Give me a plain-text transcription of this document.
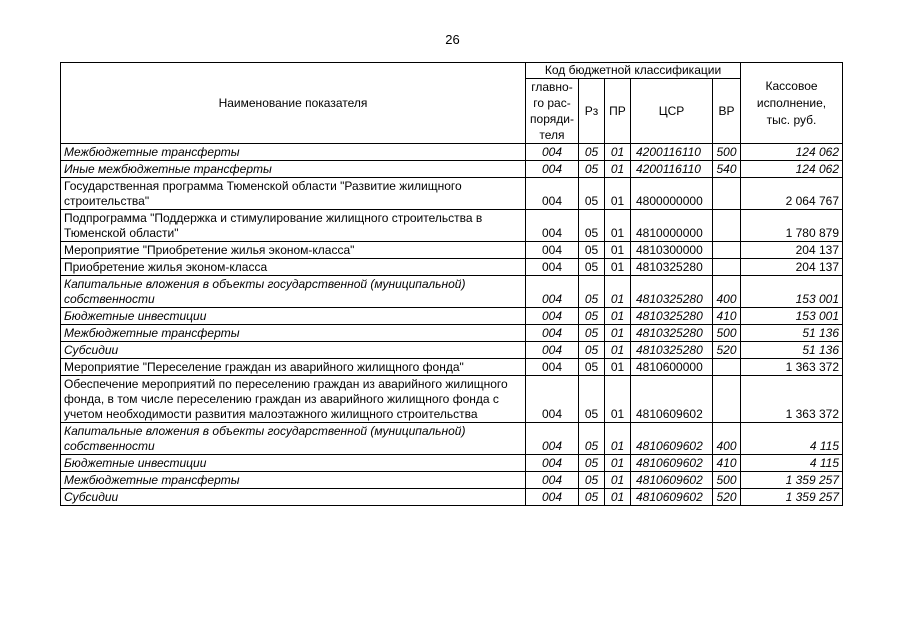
26
Наименование показателя	Код бюджетной классификации					Кассовое исполнение, тыс. руб.
	главно-го рас-поряди-теля	Рз	ПР	ЦСР	ВР	
Межбюджетные трансферты	004	05	01	4200116110	500	124 062
Иные межбюджетные трансферты	004	05	01	4200116110	540	124 062
Государственная программа Тюменской области "Развитие жилищного строительства"	004	05	01	4800000000		2 064 767
Подпрограмма "Поддержка и стимулирование жилищного строительства в Тюменской области"	004	05	01	4810000000		1 780 879
Мероприятие "Приобретение жилья эконом-класса"	004	05	01	4810300000		204 137
Приобретение жилья эконом-класса	004	05	01	4810325280		204 137
Капитальные вложения в объекты государственной (муниципальной) собственности	004	05	01	4810325280	400	153 001
Бюджетные инвестиции	004	05	01	4810325280	410	153 001
Межбюджетные трансферты	004	05	01	4810325280	500	51 136
Субсидии	004	05	01	4810325280	520	51 136
Мероприятие "Переселение граждан из аварийного жилищного фонда"	004	05	01	4810600000		1 363 372
Обеспечение мероприятий по переселению граждан из аварийного жилищного фонда, в том числе переселению граждан из аварийного жилищного фонда с учетом необходимости развития малоэтажного жилищного строительства	004	05	01	4810609602		1 363 372
Капитальные вложения в объекты государственной (муниципальной) собственности	004	05	01	4810609602	400	4 115
Бюджетные инвестиции	004	05	01	4810609602	410	4 115
Межбюджетные трансферты	004	05	01	4810609602	500	1 359 257
Субсидии	004	05	01	4810609602	520	1 359 257
